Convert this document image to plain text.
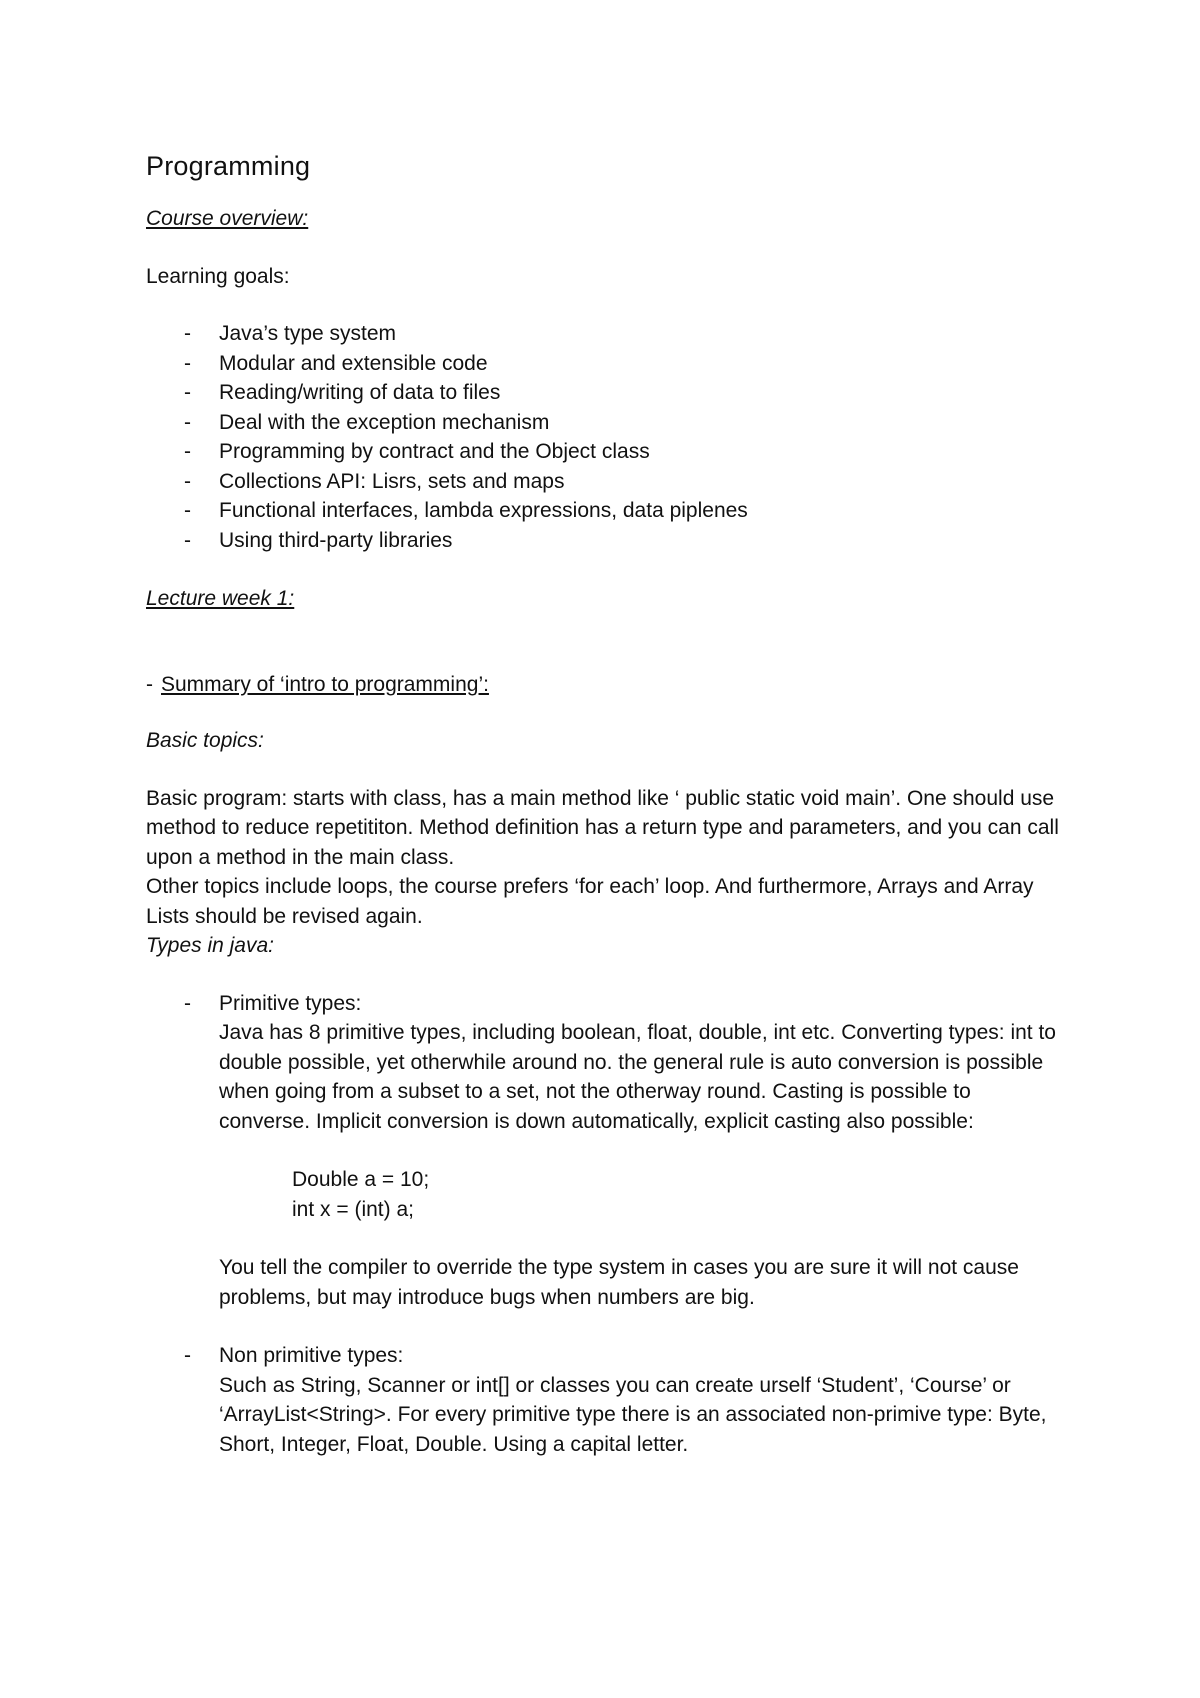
Programming

Course overview:

Learning goals:

- Java’s type system
- Modular and extensible code
- Reading/writing of data to files
- Deal with the exception mechanism
- Programming by contract and the Object class
- Collections API: Lisrs, sets and maps
- Functional interfaces, lambda expressions, data piplenes
- Using third-party libraries

Lecture week 1:

- Summary of ‘intro to programming’:

Basic topics:

Basic program: starts with class, has a main method like ‘ public static void main’. One should use method to reduce repetititon. Method definition has a return type and parameters, and you can call upon a method in the main class.

Other topics include loops, the course prefers ‘for each’ loop. And furthermore, Arrays and Array Lists should be revised again.

Types in java:

- Primitive types:

Java has 8 primitive types, including boolean, float, double, int etc. Converting types: int to double possible, yet otherwhile around no. the general rule is auto conversion is possible when going from a subset to a set, not the otherway round. Casting is possible to converse. Implicit conversion is down automatically, explicit casting also possible:

Double a = 10;

int x = (int) a;

You tell the compiler to override the type system in cases you are sure it will not cause problems, but may introduce bugs when numbers are big.

- Non primitive types:

Such as String, Scanner or int[] or classes you can create urself ‘Student’, ‘Course’ or ‘ArrayList<String>. For every primitive type there is an associated non-primive type: Byte, Short, Integer, Float, Double. Using a capital letter.
